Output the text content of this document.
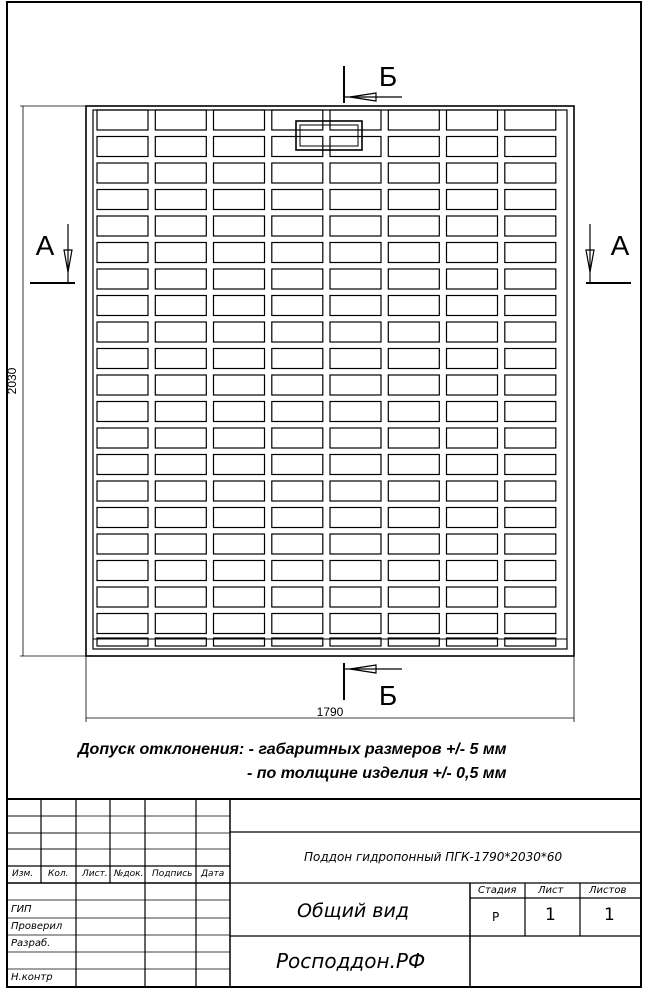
2030
1790
А	А
Б
Б
Допуск отклонения: - габаритных размеров +/- 5 мм
- по толщине изделия +/- 0,5 мм
Изм. Кол. Лист. №док. Подпись Дата
ГИП
Проверил
Разраб.
Н.контр
Поддон гидропонный ПГК-1790*2030*60
Общий вид
Росподдон.РФ
Стадия Лист	Листов
Р	1	1
